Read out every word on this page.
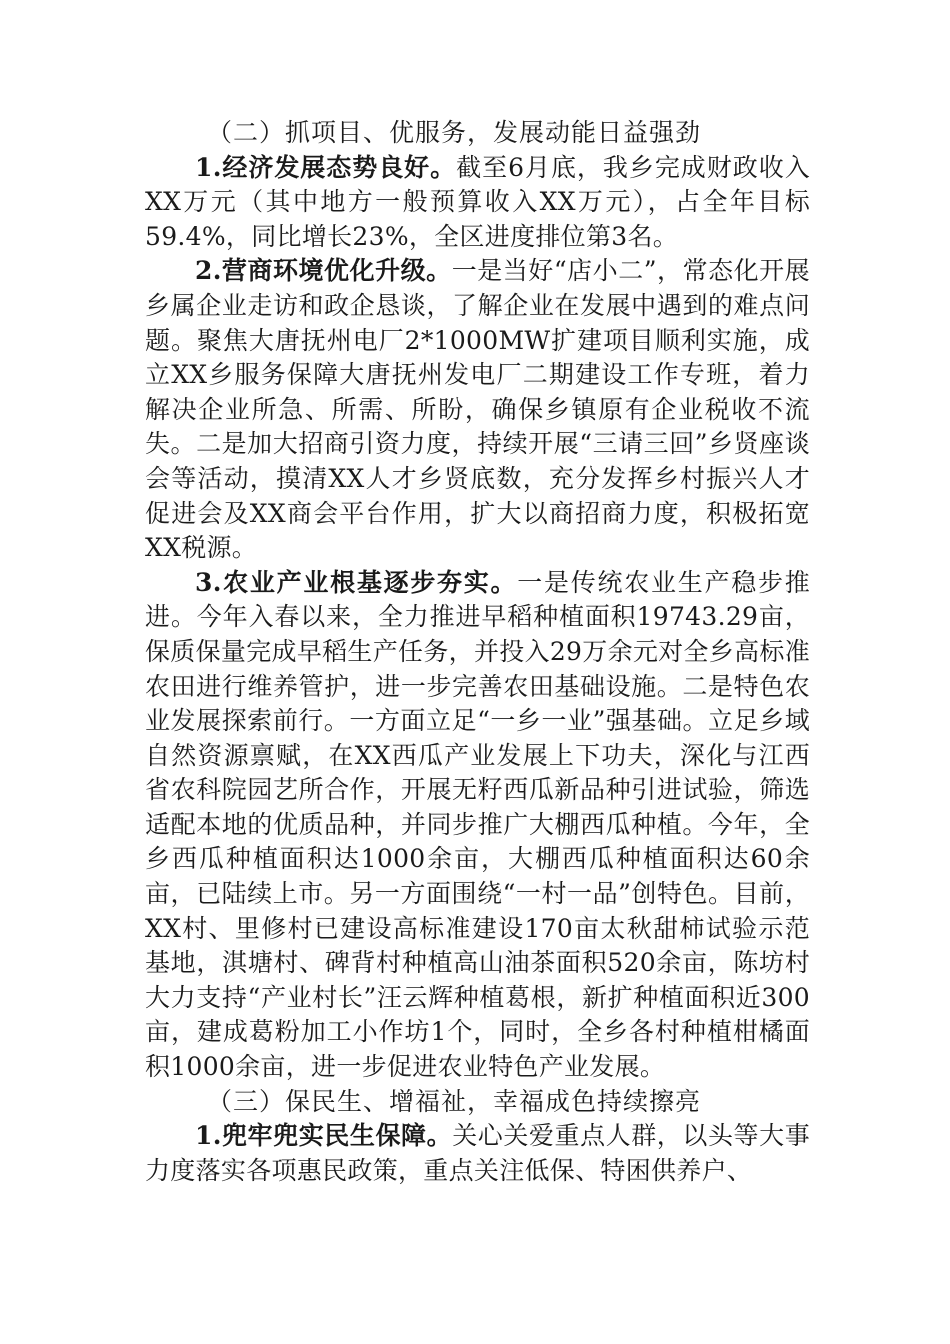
（二）抓项目、优服务，发展动能日益强劲

1.经济发展态势良好。截至6月底，我乡完成财政收入XX万元（其中地方一般预算收入XX万元），占全年目标59.4%，同比增长23%，全区进度排位第3名。

2.营商环境优化升级。一是当好“店小二”，常态化开展乡属企业走访和政企恳谈，了解企业在发展中遇到的难点问题。聚焦大唐抚州电厂2*1000MW扩建项目顺利实施，成立XX乡服务保障大唐抚州发电厂二期建设工作专班，着力解决企业所急、所需、所盼，确保乡镇原有企业税收不流失。二是加大招商引资力度，持续开展“三请三回”乡贤座谈会等活动，摸清XX人才乡贤底数，充分发挥乡村振兴人才促进会及XX商会平台作用，扩大以商招商力度，积极拓宽XX税源。

3.农业产业根基逐步夯实。一是传统农业生产稳步推进。今年入春以来，全力推进早稻种植面积19743.29亩，保质保量完成早稻生产任务，并投入29万余元对全乡高标准农田进行维养管护，进一步完善农田基础设施。二是特色农业发展探索前行。一方面立足“一乡一业”强基础。立足乡域自然资源禀赋，在XX西瓜产业发展上下功夫，深化与江西省农科院园艺所合作，开展无籽西瓜新品种引进试验，筛选适配本地的优质品种，并同步推广大棚西瓜种植。今年，全乡西瓜种植面积达1000余亩，大棚西瓜种植面积达60余亩，已陆续上市。另一方面围绕“一村一品”创特色。目前，XX村、里修村已建设高标准建设170亩太秋甜柿试验示范基地，淇塘村、碑背村种植高山油茶面积520余亩，陈坊村大力支持“产业村长”汪云辉种植葛根，新扩种植面积近300亩，建成葛粉加工小作坊1个，同时，全乡各村种植柑橘面积1000余亩，进一步促进农业特色产业发展。

（三）保民生、增福祉，幸福成色持续擦亮

1.兜牢兜实民生保障。关心关爱重点人群，以头等大事力度落实各项惠民政策，重点关注低保、特困供养户、
